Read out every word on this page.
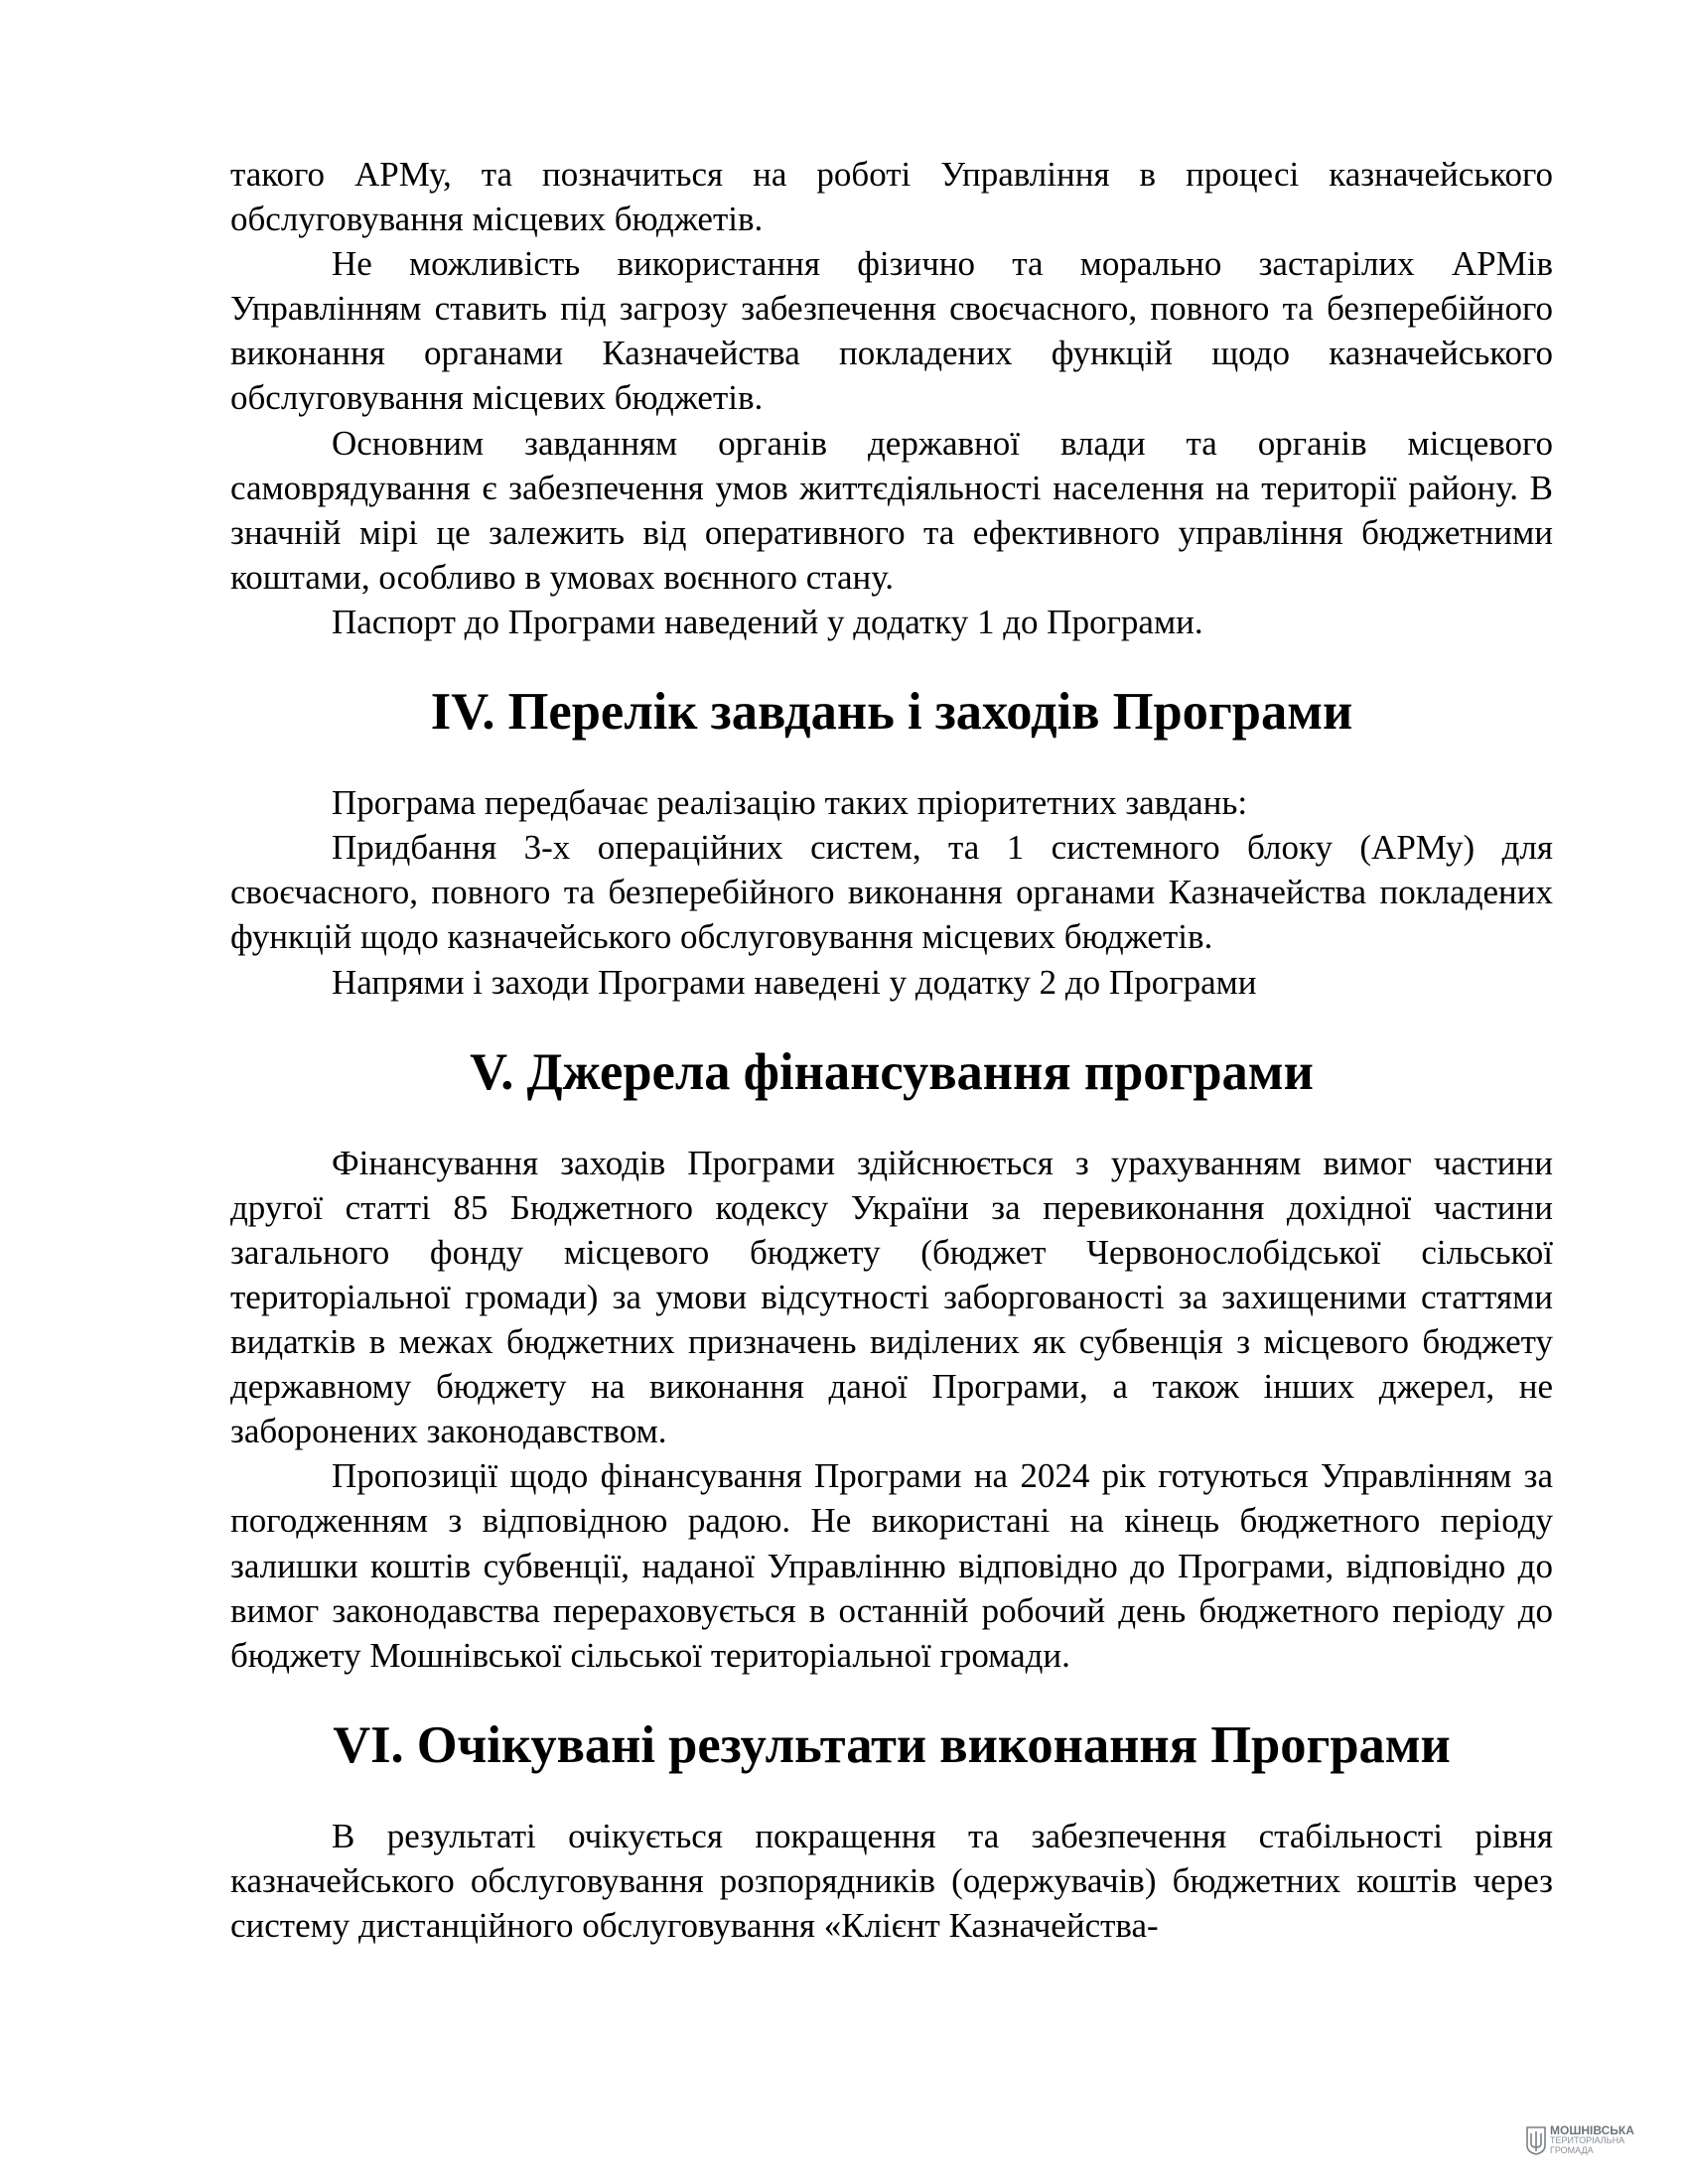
такого АРМу, та позначиться на роботі Управління в процесі казначейського обслуговування місцевих бюджетів.

Не можливість використання фізично та морально застарілих АРМів Управлінням ставить під загрозу забезпечення своєчасного, повного та безперебійного виконання органами Казначейства покладених функцій щодо казначейського обслуговування місцевих бюджетів.

Основним завданням органів державної влади та органів місцевого самоврядування є забезпечення умов життєдіяльності населення на території району. В значній мірі це залежить від оперативного та ефективного управління бюджетними коштами, особливо в умовах воєнного стану.

Паспорт до Програми наведений у додатку 1 до Програми.

IV. Перелік завдань і заходів Програми

Програма передбачає реалізацію таких пріоритетних завдань:

Придбання 3-х операційних систем, та 1 системного блоку (АРМу) для своєчасного, повного та безперебійного виконання органами Казначейства покладених функцій щодо казначейського обслуговування місцевих бюджетів.

Напрями і заходи Програми наведені у додатку 2 до Програми

V. Джерела фінансування програми

Фінансування заходів Програми здійснюється з урахуванням вимог частини другої статті 85 Бюджетного кодексу України за перевиконання дохідної частини загального фонду місцевого бюджету (бюджет Червонослобідської сільської територіальної громади) за умови відсутності заборгованості за захищеними статтями видатків в межах бюджетних призначень виділених як субвенція з місцевого бюджету державному бюджету на виконання даної Програми, а також інших джерел, не заборонених законодавством.

Пропозиції щодо фінансування Програми на 2024 рік готуються Управлінням за погодженням з відповідною радою. Не використані на кінець бюджетного періоду залишки коштів субвенції, наданої Управлінню відповідно до Програми, відповідно до вимог законодавства перераховується в останній робочий день бюджетного періоду до бюджету Мошнівської сільської територіальної громади.

VI. Очікувані результати виконання Програми

В результаті очікується покращення та забезпечення стабільності рівня казначейського обслуговування розпорядників (одержувачів) бюджетних коштів через систему дистанційного обслуговування «Клієнт Казначейства-

МОШНІВСЬКА
ТЕРИТОРІАЛЬНА
ГРОМАДА
